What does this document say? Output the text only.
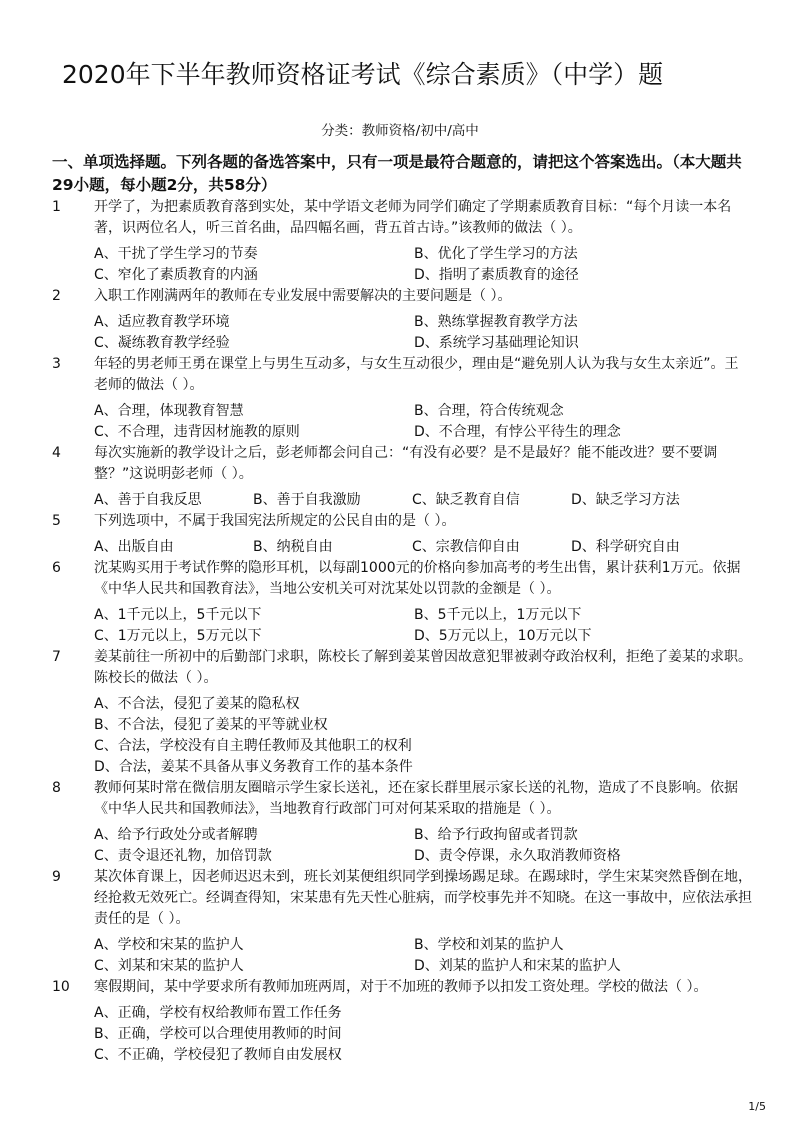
2020年下半年教师资格证考试《综合素质》（中学）题
分类：教师资格/初中/高中
一、单项选择题。下列各题的备选答案中，只有一项是最符合题意的，请把这个答案选出。（本大题共29小题，每小题2分，共58分）
1	开学了，为把素质教育落到实处，某中学语文老师为同学们确定了学期素质教育目标：“每个月读一本名著，识两位名人，听三首名曲，品四幅名画，背五首古诗。”该教师的做法（ ）。
A、干扰了学生学习的节奏	B、优化了学生学习的方法
C、窄化了素质教育的内涵	D、指明了素质教育的途径
2	入职工作刚满两年的教师在专业发展中需要解决的主要问题是（ ）。
A、适应教育教学环境	B、熟练掌握教育教学方法
C、凝练教育教学经验	D、系统学习基础理论知识
3	年轻的男老师王勇在课堂上与男生互动多，与女生互动很少，理由是“避免别人认为我与女生太亲近”。王老师的做法（ ）。
A、合理，体现教育智慧	B、合理，符合传统观念
C、不合理，违背因材施教的原则	D、不合理，有悖公平待生的理念
4	每次实施新的教学设计之后，彭老师都会问自己：“有没有必要？是不是最好？能不能改进？要不要调整？”这说明彭老师（ ）。
A、善于自我反思	B、善于自我激励	C、缺乏教育自信	D、缺乏学习方法
5	下列选项中，不属于我国宪法所规定的公民自由的是（ ）。
A、出版自由	B、纳税自由	C、宗教信仰自由	D、科学研究自由
6	沈某购买用于考试作弊的隐形耳机，以每副1000元的价格向参加高考的考生出售，累计获利1万元。依据《中华人民共和国教育法》，当地公安机关可对沈某处以罚款的金额是（ ）。
A、1千元以上，5千元以下	B、5千元以上，1万元以下
C、1万元以上，5万元以下	D、5万元以上，10万元以下
7	姜某前往一所初中的后勤部门求职，陈校长了解到姜某曾因故意犯罪被剥夺政治权利，拒绝了姜某的求职。陈校长的做法（ ）。
A、不合法，侵犯了姜某的隐私权
B、不合法，侵犯了姜某的平等就业权
C、合法，学校没有自主聘任教师及其他职工的权利
D、合法，姜某不具备从事义务教育工作的基本条件
8	教师何某时常在微信朋友圈暗示学生家长送礼，还在家长群里展示家长送的礼物，造成了不良影响。依据《中华人民共和国教师法》，当地教育行政部门可对何某采取的措施是（ ）。
A、给予行政处分或者解聘	B、给予行政拘留或者罚款
C、责令退还礼物，加倍罚款	D、责令停课，永久取消教师资格
9	某次体育课上，因老师迟迟未到，班长刘某便组织同学到操场踢足球。在踢球时，学生宋某突然昏倒在地，经抢救无效死亡。经调查得知，宋某患有先天性心脏病，而学校事先并不知晓。在这一事故中，应依法承担责任的是（ ）。
A、学校和宋某的监护人	B、学校和刘某的监护人
C、刘某和宋某的监护人	D、刘某的监护人和宋某的监护人
10	寒假期间，某中学要求所有教师加班两周，对于不加班的教师予以扣发工资处理。学校的做法（ ）。
A、正确，学校有权给教师布置工作任务
B、正确，学校可以合理使用教师的时间
C、不正确，学校侵犯了教师自由发展权
1/5
